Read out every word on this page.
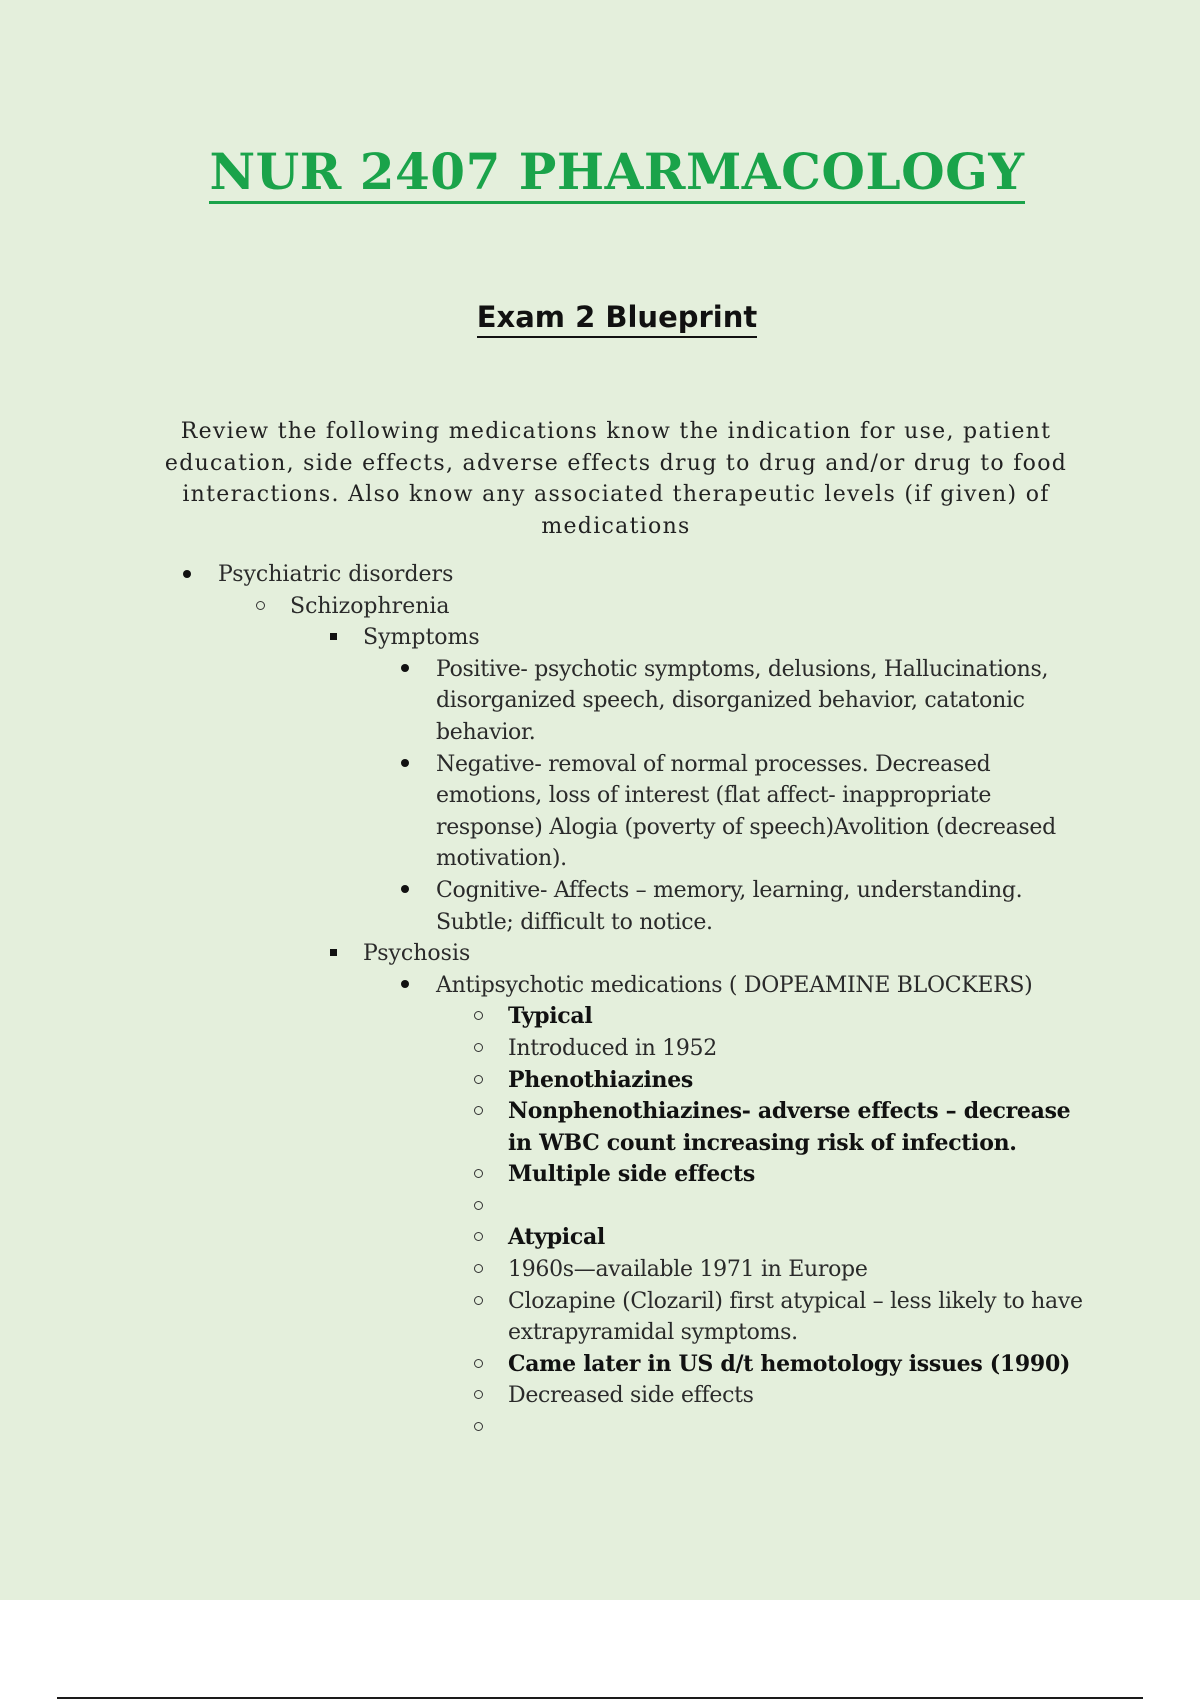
NUR 2407 PHARMACOLOGY
Exam 2 Blueprint
Review the following medications know the indication for use, patient education, side effects, adverse effects drug to drug and/or drug to food interactions. Also know any associated therapeutic levels (if given) of medications
Psychiatric disorders
Schizophrenia
Symptoms
Positive- psychotic symptoms, delusions, Hallucinations, disorganized speech, disorganized behavior, catatonic behavior.
Negative- removal of normal processes. Decreased emotions, loss of interest (flat affect- inappropriate response) Alogia (poverty of speech)Avolition (decreased motivation).
Cognitive- Affects – memory, learning, understanding. Subtle; difficult to notice.
Psychosis
Antipsychotic medications ( DOPEAMINE BLOCKERS)
Typical
Introduced in 1952
Phenothiazines
Nonphenothiazines- adverse effects – decrease in WBC count increasing risk of infection.
Multiple side effects
Atypical
1960s—available 1971 in Europe
Clozapine (Clozaril) first atypical – less likely to have extrapyramidal symptoms.
Came later in US d/t hemotology issues (1990)
Decreased side effects
